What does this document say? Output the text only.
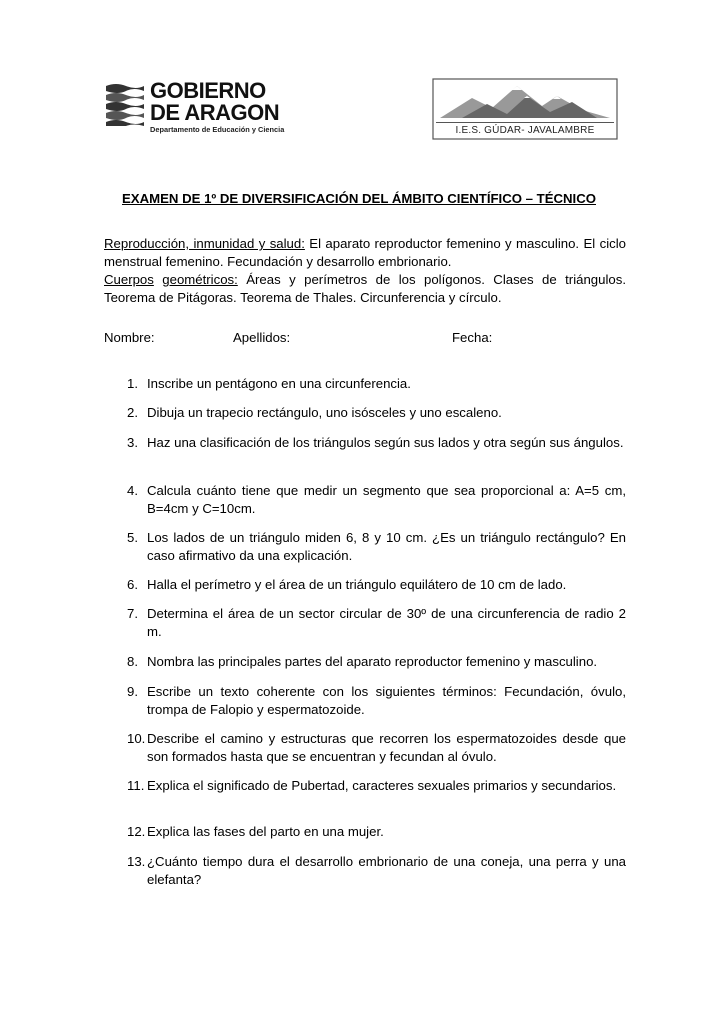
GOBIERNO
DE ARAGON
Departamento de Educación y Ciencia	I.E.S. GÚDAR- JAVALAMBRE
EXAMEN DE 1º DE DIVERSIFICACIÓN DEL ÁMBITO CIENTÍFICO – TÉCNICO

Reproducción, inmunidad y salud: El aparato reproductor femenino y masculino. El ciclo menstrual femenino. Fecundación y desarrollo embrionario.

Cuerpos geométricos: Áreas y perímetros de los polígonos. Clases de triángulos. Teorema de Pitágoras. Teorema de Thales. Circunferencia y círculo.

Nombre:	Apellidos:	Fecha:
1. Inscribe un pentágono en una circunferencia.
2. Dibuja un trapecio rectángulo, uno isósceles y uno escaleno.
3. Haz una clasificación de los triángulos según sus lados y otra según sus ángulos.
4. Calcula cuánto tiene que medir un segmento que sea proporcional a: A=5 cm, B=4cm y C=10cm.
5. Los lados de un triángulo miden 6, 8 y 10 cm. ¿Es un triángulo rectángulo? En caso afirmativo da una explicación.
6. Halla el perímetro y el área de un triángulo equilátero de 10 cm de lado.
7. Determina el área de un sector circular de 30º de una circunferencia de radio 2 m.
8. Nombra las principales partes del aparato reproductor femenino y masculino.
9. Escribe un texto coherente con los siguientes términos: Fecundación, óvulo, trompa de Falopio y espermatozoide.
10. Describe el camino y estructuras que recorren los espermatozoides desde que son formados hasta que se encuentran y fecundan al óvulo.
11. Explica el significado de Pubertad, caracteres sexuales primarios y secundarios.
12. Explica las fases del parto en una mujer.
13. ¿Cuánto tiempo dura el desarrollo embrionario de una coneja, una perra y una elefanta?
